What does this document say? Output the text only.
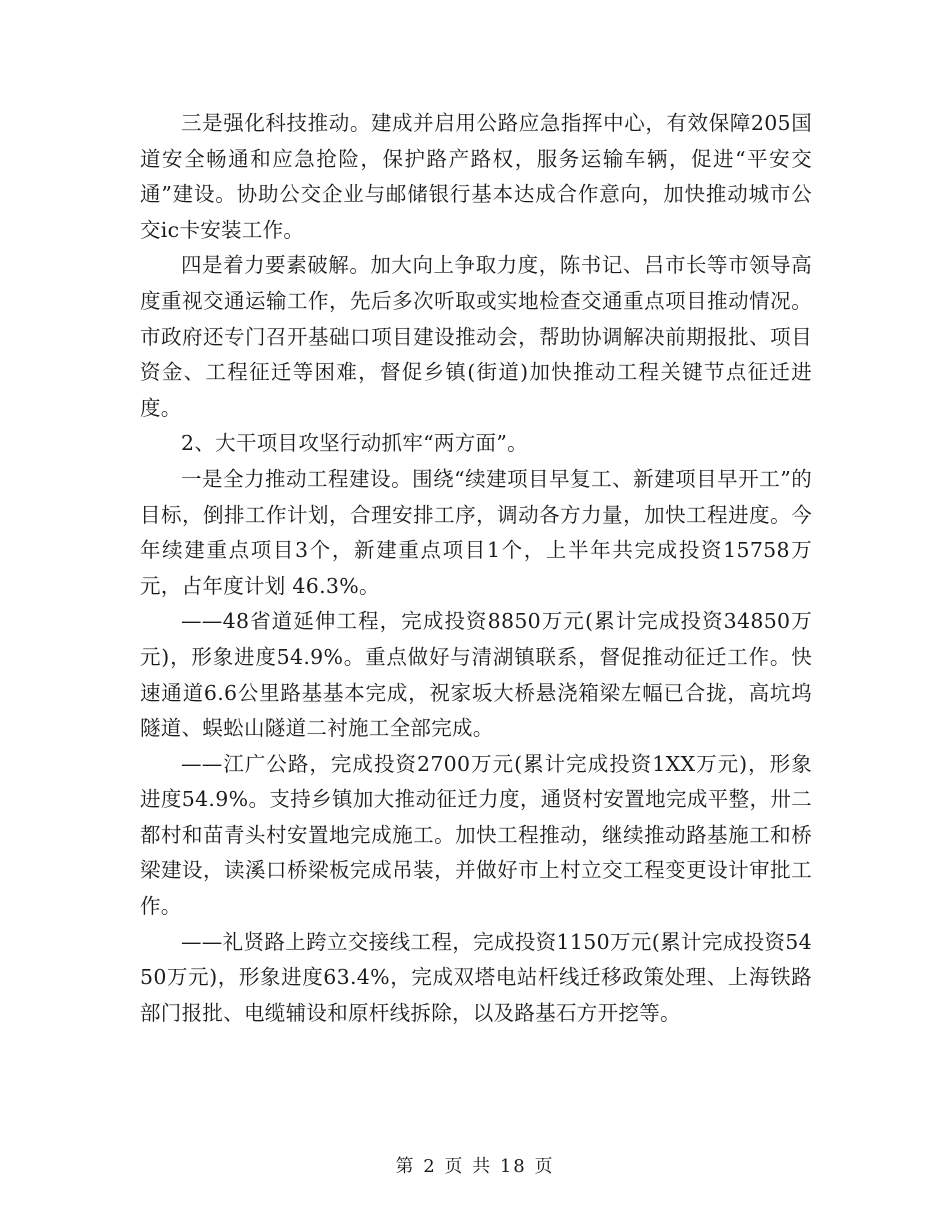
三是强化科技推动。建成并启用公路应急指挥中心，有效保障205国道安全畅通和应急抢险，保护路产路权，服务运输车辆，促进“平安交通”建设。协助公交企业与邮储银行基本达成合作意向，加快推动城市公交ic卡安装工作。

四是着力要素破解。加大向上争取力度，陈书记、吕市长等市领导高度重视交通运输工作，先后多次听取或实地检查交通重点项目推动情况。市政府还专门召开基础口项目建设推动会，帮助协调解决前期报批、项目资金、工程征迁等困难，督促乡镇(街道)加快推动工程关键节点征迁进度。

2、大干项目攻坚行动抓牢“两方面”。

一是全力推动工程建设。围绕“续建项目早复工、新建项目早开工”的目标，倒排工作计划，合理安排工序，调动各方力量，加快工程进度。今年续建重点项目3个，新建重点项目1个，上半年共完成投资15758万元，占年度计划 46.3%。

——48省道延伸工程，完成投资8850万元(累计完成投资34850万元)，形象进度54.9%。重点做好与清湖镇联系，督促推动征迁工作。快速通道6.6公里路基基本完成，祝家坂大桥悬浇箱梁左幅已合拢，高坑坞隧道、蜈蚣山隧道二衬施工全部完成。

——江广公路，完成投资2700万元(累计完成投资1XX万元)，形象进度54.9%。支持乡镇加大推动征迁力度，通贤村安置地完成平整，卅二都村和苗青头村安置地完成施工。加快工程推动，继续推动路基施工和桥梁建设，读溪口桥梁板完成吊装，并做好市上村立交工程变更设计审批工作。

——礼贤路上跨立交接线工程，完成投资1150万元(累计完成投资5450万元)，形象进度63.4%，完成双塔电站杆线迁移政策处理、上海铁路部门报批、电缆辅设和原杆线拆除，以及路基石方开挖等。

第 2 页 共 18 页
